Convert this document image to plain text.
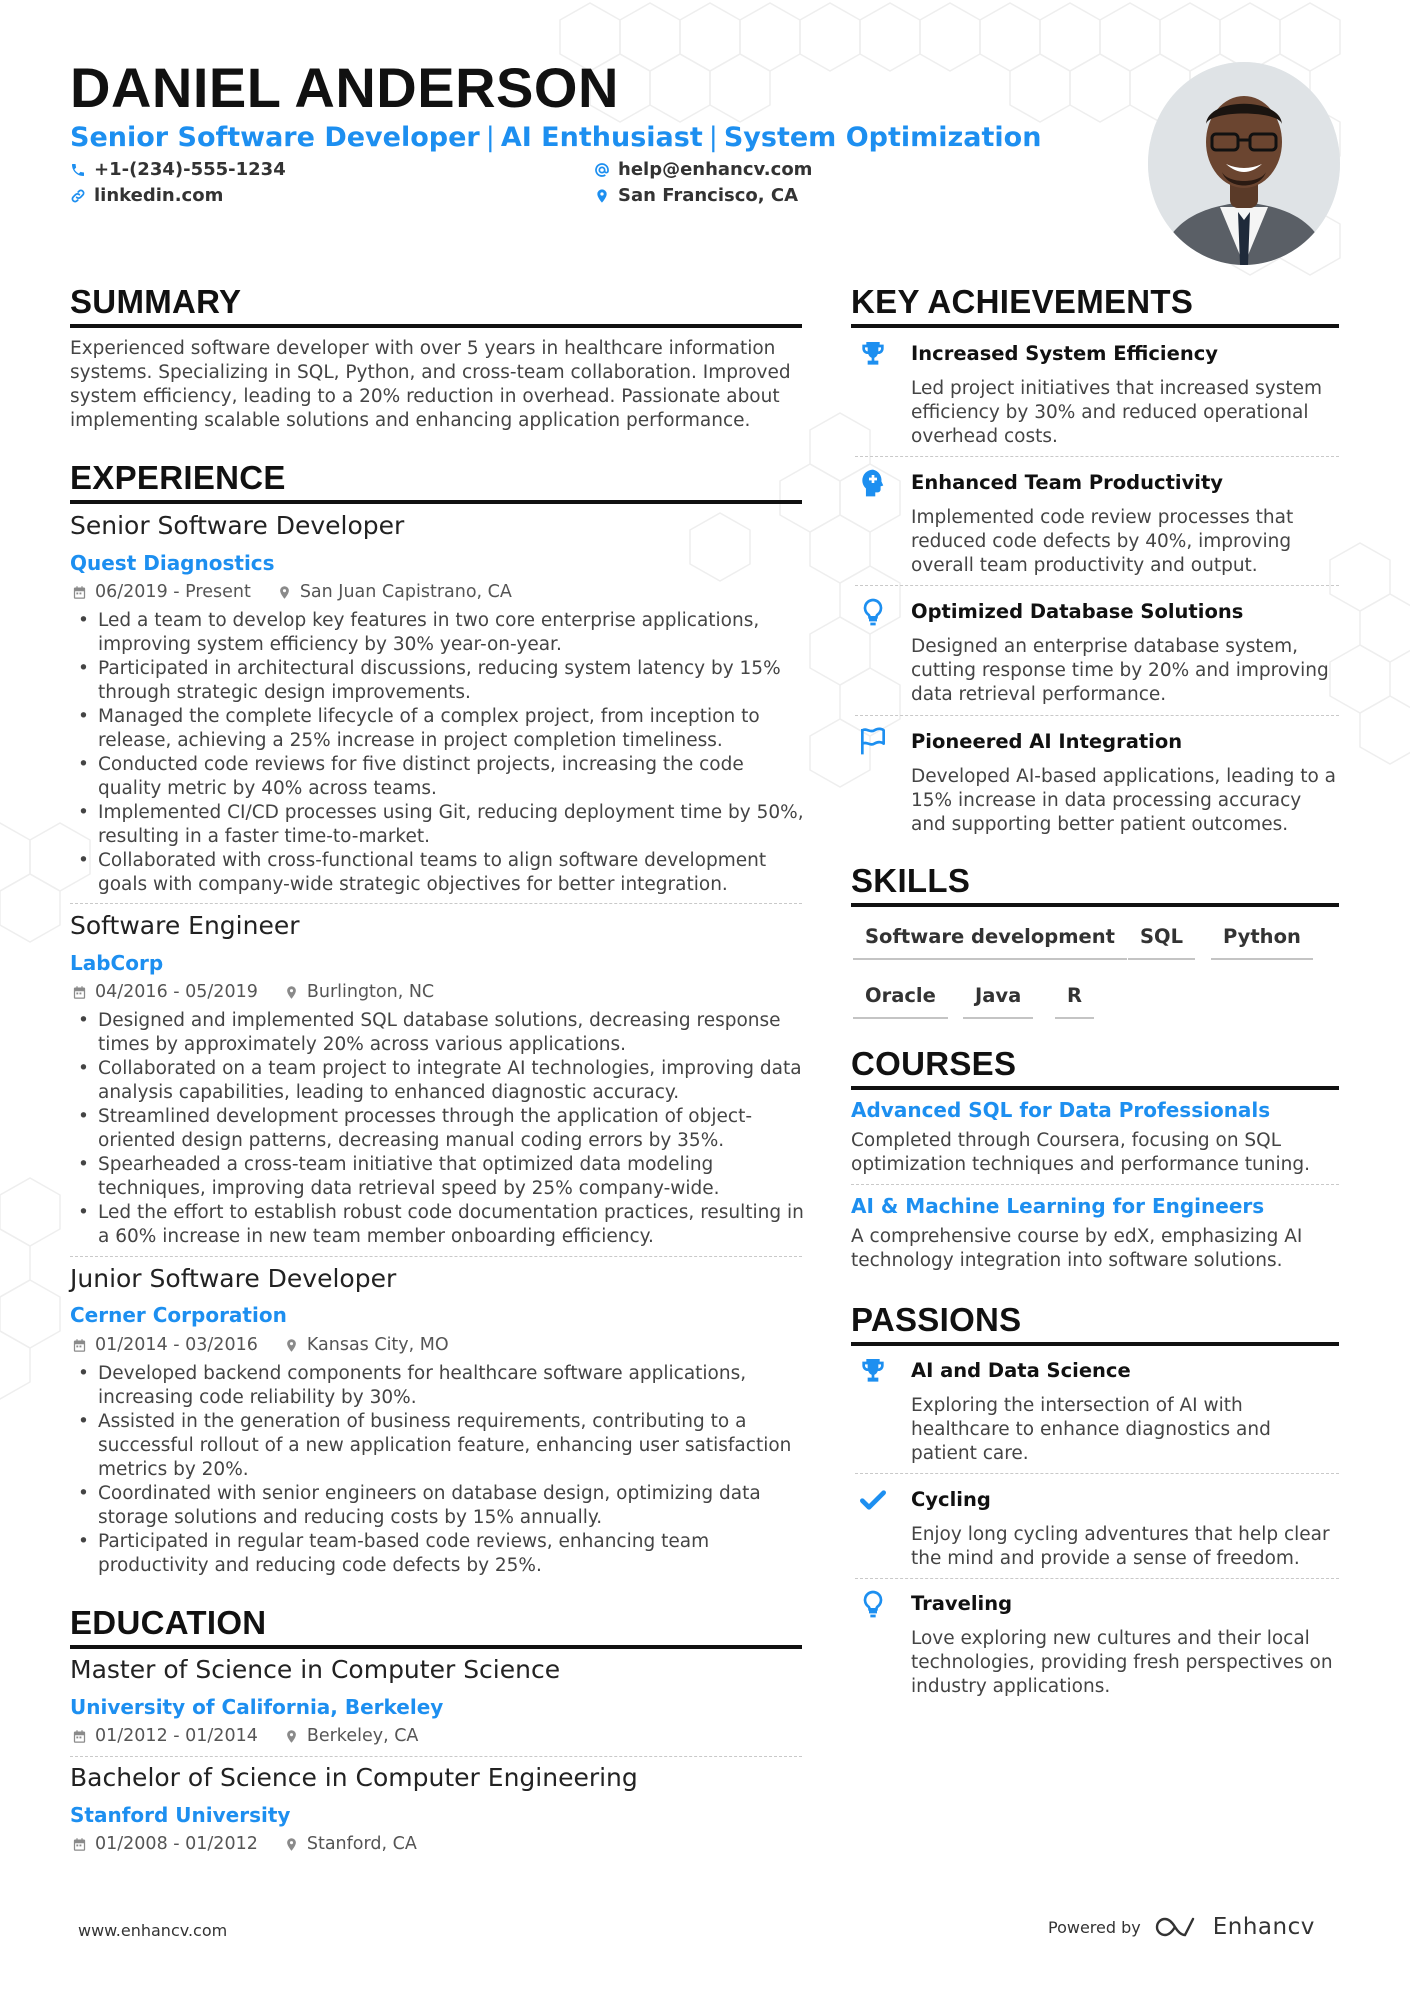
DANIEL ANDERSON
Senior Software Developer | AI Enthusiast | System Optimization
+1-(234)-555-1234	help@enhancv.com
linkedin.com	San Francisco, CA
SUMMARY
Experienced software developer with over 5 years in healthcare information systems. Specializing in SQL, Python, and cross-team collaboration. Improved system efficiency, leading to a 20% reduction in overhead. Passionate about implementing scalable solutions and enhancing application performance.
EXPERIENCE
Senior Software Developer
Quest Diagnostics
06/2019 - Present	San Juan Capistrano, CA
• Led a team to develop key features in two core enterprise applications, improving system efficiency by 30% year-on-year.
• Participated in architectural discussions, reducing system latency by 15% through strategic design improvements.
• Managed the complete lifecycle of a complex project, from inception to release, achieving a 25% increase in project completion timeliness.
• Conducted code reviews for five distinct projects, increasing the code quality metric by 40% across teams.
• Implemented CI/CD processes using Git, reducing deployment time by 50%, resulting in a faster time-to-market.
• Collaborated with cross-functional teams to align software development goals with company-wide strategic objectives for better integration.
Software Engineer
LabCorp
04/2016 - 05/2019	Burlington, NC
• Designed and implemented SQL database solutions, decreasing response times by approximately 20% across various applications.
• Collaborated on a team project to integrate AI technologies, improving data analysis capabilities, leading to enhanced diagnostic accuracy.
• Streamlined development processes through the application of object-oriented design patterns, decreasing manual coding errors by 35%.
• Spearheaded a cross-team initiative that optimized data modeling techniques, improving data retrieval speed by 25% company-wide.
• Led the effort to establish robust code documentation practices, resulting in a 60% increase in new team member onboarding efficiency.
Junior Software Developer
Cerner Corporation
01/2014 - 03/2016	Kansas City, MO
• Developed backend components for healthcare software applications, increasing code reliability by 30%.
• Assisted in the generation of business requirements, contributing to a successful rollout of a new application feature, enhancing user satisfaction metrics by 20%.
• Coordinated with senior engineers on database design, optimizing data storage solutions and reducing costs by 15% annually.
• Participated in regular team-based code reviews, enhancing team productivity and reducing code defects by 25%.
EDUCATION
Master of Science in Computer Science
University of California, Berkeley
01/2012 - 01/2014	Berkeley, CA
Bachelor of Science in Computer Engineering
Stanford University
01/2008 - 01/2012	Stanford, CA
KEY ACHIEVEMENTS
Increased System Efficiency
Led project initiatives that increased system efficiency by 30% and reduced operational overhead costs.
Enhanced Team Productivity
Implemented code review processes that reduced code defects by 40%, improving overall team productivity and output.
Optimized Database Solutions
Designed an enterprise database system, cutting response time by 20% and improving data retrieval performance.
Pioneered AI Integration
Developed AI-based applications, leading to a 15% increase in data processing accuracy and supporting better patient outcomes.
SKILLS
Software development	SQL	Python
Oracle	Java	R
COURSES
Advanced SQL for Data Professionals
Completed through Coursera, focusing on SQL optimization techniques and performance tuning.
AI & Machine Learning for Engineers
A comprehensive course by edX, emphasizing AI technology integration into software solutions.
PASSIONS
AI and Data Science
Exploring the intersection of AI with healthcare to enhance diagnostics and patient care.
Cycling
Enjoy long cycling adventures that help clear the mind and provide a sense of freedom.
Traveling
Love exploring new cultures and their local technologies, providing fresh perspectives on industry applications.
www.enhancv.com	Powered by	Enhancv
